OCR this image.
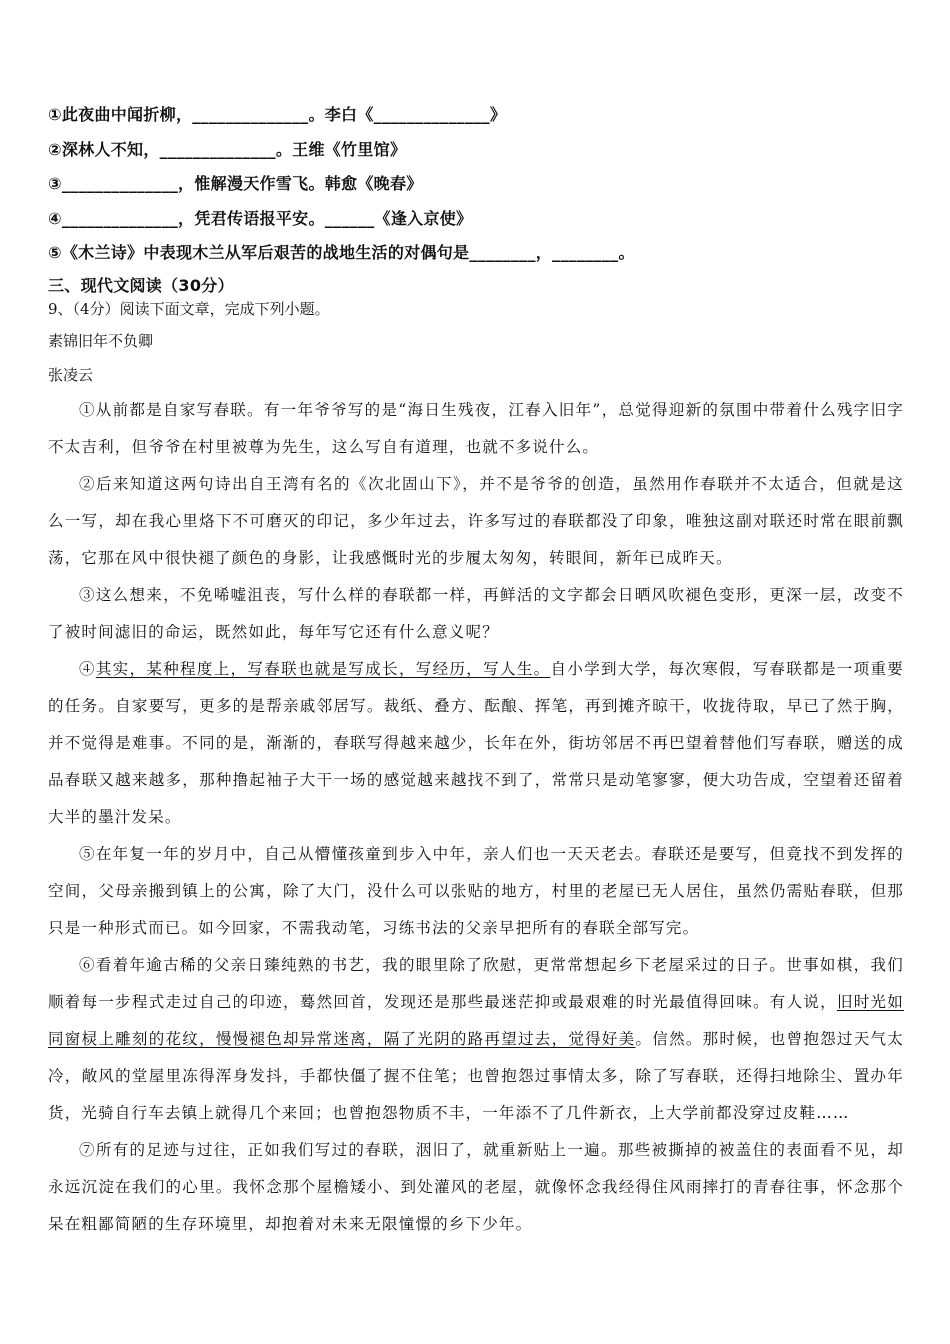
①此夜曲中闻折柳，______________。李白《______________》
②深林人不知，______________。王维《竹里馆》
③______________，惟解漫天作雪飞。韩愈《晚春》
④______________，凭君传语报平安。______《逢入京使》
⑤《木兰诗》中表现木兰从军后艰苦的战地生活的对偶句是________，________。
三、现代文阅读（30分）
9、（4分）阅读下面文章，完成下列小题。
素锦旧年不负卿
张凌云

①从前都是自家写春联。有一年爷爷写的是“海日生残夜，江春入旧年”，总觉得迎新的氛围中带着什么残字旧字不太吉利，但爷爷在村里被尊为先生，这么写自有道理，也就不多说什么。

②后来知道这两句诗出自王湾有名的《次北固山下》，并不是爷爷的创造，虽然用作春联并不太适合，但就是这么一写，却在我心里烙下不可磨灭的印记，多少年过去，许多写过的春联都没了印象，唯独这副对联还时常在眼前飘荡，它那在风中很快褪了颜色的身影，让我感慨时光的步履太匆匆，转眼间，新年已成昨天。

③这么想来，不免唏嘘沮丧，写什么样的春联都一样，再鲜活的文字都会日晒风吹褪色变形，更深一层，改变不了被时间滤旧的命运，既然如此，每年写它还有什么意义呢？

④其实，某种程度上，写春联也就是写成长，写经历，写人生。自小学到大学，每次寒假，写春联都是一项重要的任务。自家要写，更多的是帮亲戚邻居写。裁纸、叠方、酝酿、挥笔，再到摊齐晾干，收拢待取，早已了然于胸，并不觉得是难事。不同的是，渐渐的，春联写得越来越少，长年在外，街坊邻居不再巴望着替他们写春联，赠送的成品春联又越来越多，那种撸起袖子大干一场的感觉越来越找不到了，常常只是动笔寥寥，便大功告成，空望着还留着大半的墨汁发呆。

⑤在年复一年的岁月中，自己从懵懂孩童到步入中年，亲人们也一天天老去。春联还是要写，但竟找不到发挥的空间，父母亲搬到镇上的公寓，除了大门，没什么可以张贴的地方，村里的老屋已无人居住，虽然仍需贴春联，但那只是一种形式而已。如今回家，不需我动笔，习练书法的父亲早把所有的春联全部写完。

⑥看着年逾古稀的父亲日臻纯熟的书艺，我的眼里除了欣慰，更常常想起乡下老屋采过的日子。世事如棋，我们顺着每一步程式走过自己的印迹，蓦然回首，发现还是那些最迷茫抑或最艰难的时光最值得回味。有人说，旧时光如同窗棂上雕刻的花纹，慢慢褪色却异常迷离，隔了光阴的路再望过去，觉得好美。信然。那时候，也曾抱怨过天气太冷，敞风的堂屋里冻得浑身发抖，手都快僵了握不住笔；也曾抱怨过事情太多，除了写春联，还得扫地除尘、置办年货，光骑自行车去镇上就得几个来回；也曾抱怨物质不丰，一年添不了几件新衣，上大学前都没穿过皮鞋……

⑦所有的足迹与过往，正如我们写过的春联，洇旧了，就重新贴上一遍。那些被撕掉的被盖住的表面看不见，却永远沉淀在我们的心里。我怀念那个屋檐矮小、到处灌风的老屋，就像怀念我经得住风雨摔打的青春往事，怀念那个呆在粗鄙简陋的生存环境里，却抱着对未来无限憧憬的乡下少年。
